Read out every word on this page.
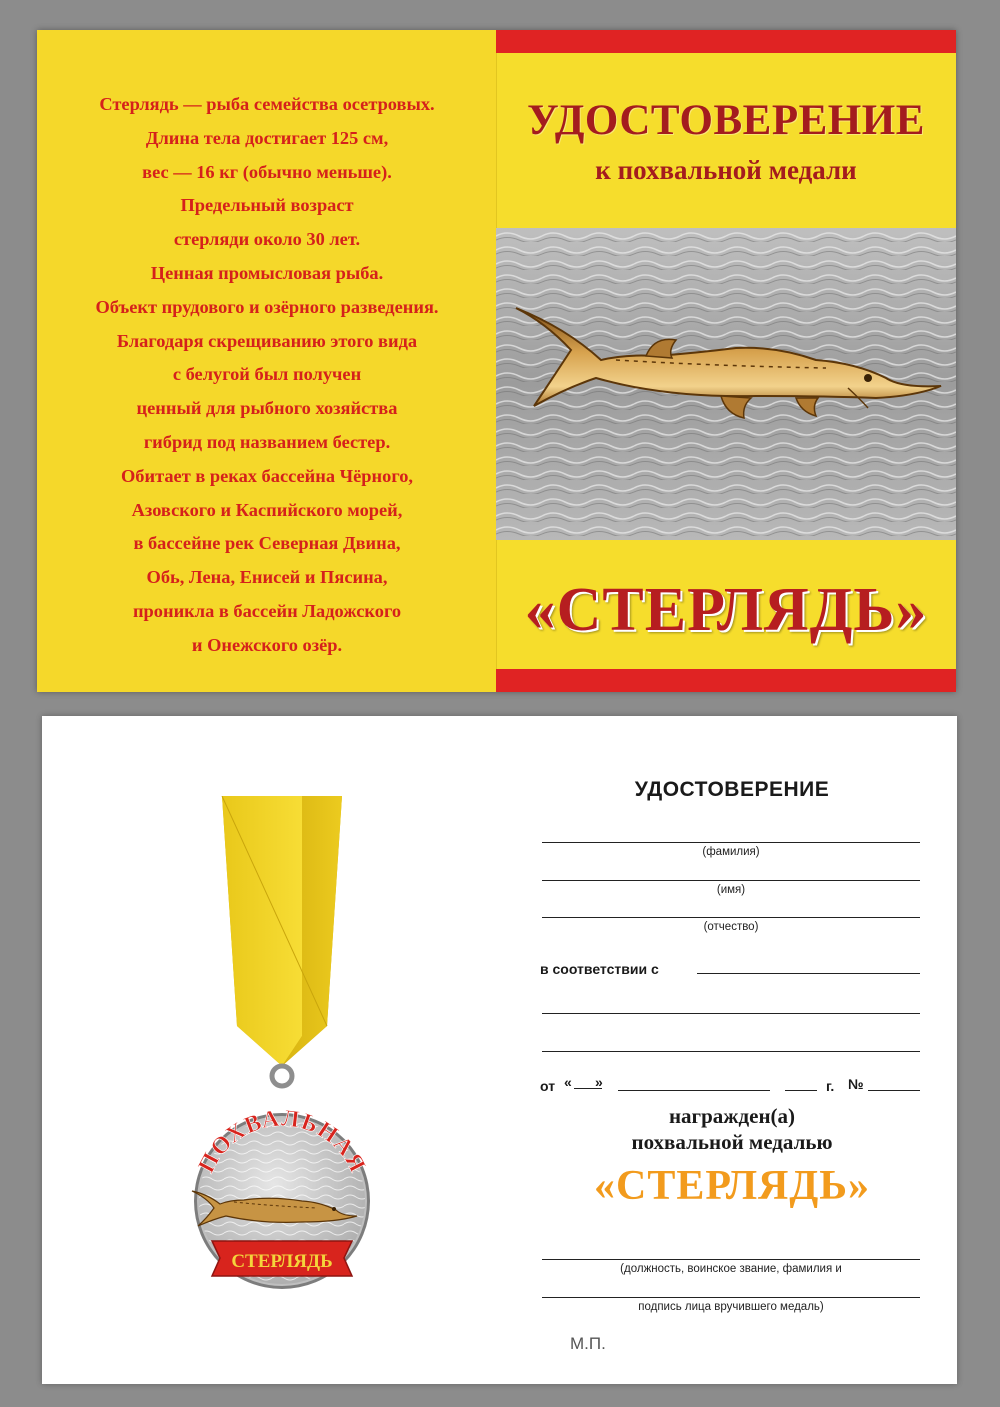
Стерлядь — рыба семейства осетровых.
Длина тела достигает 125 см,
вес — 16 кг (обычно меньше).
Предельный возраст
стерляди около 30 лет.
Ценная промысловая рыба.
Объект прудового и озёрного разведения.
Благодаря скрещиванию этого вида
с белугой был получен
ценный для рыбного хозяйства
гибрид под названием бестер.
Обитает в реках бассейна Чёрного,
Азовского и Каспийского морей,
в бассейне рек Северная Двина,
Обь, Лена, Енисей и Пясина,
проникла в бассейн Ладожского
и Онежского озёр.
УДОСТОВЕРЕНИЕ
к похвальной медали
«СТЕРЛЯДЬ»
ПОХВАЛЬНАЯ
СТЕРЛЯДЬ
УДОСТОВЕРЕНИЕ
(фамилия)
(имя)
(отчество)
в соответствии с
от « »	г. №
награжден(а)
похвальной медалью
«СТЕРЛЯДЬ»
(должность, воинское звание, фамилия и
подпись лица вручившего медаль)
М.П.
